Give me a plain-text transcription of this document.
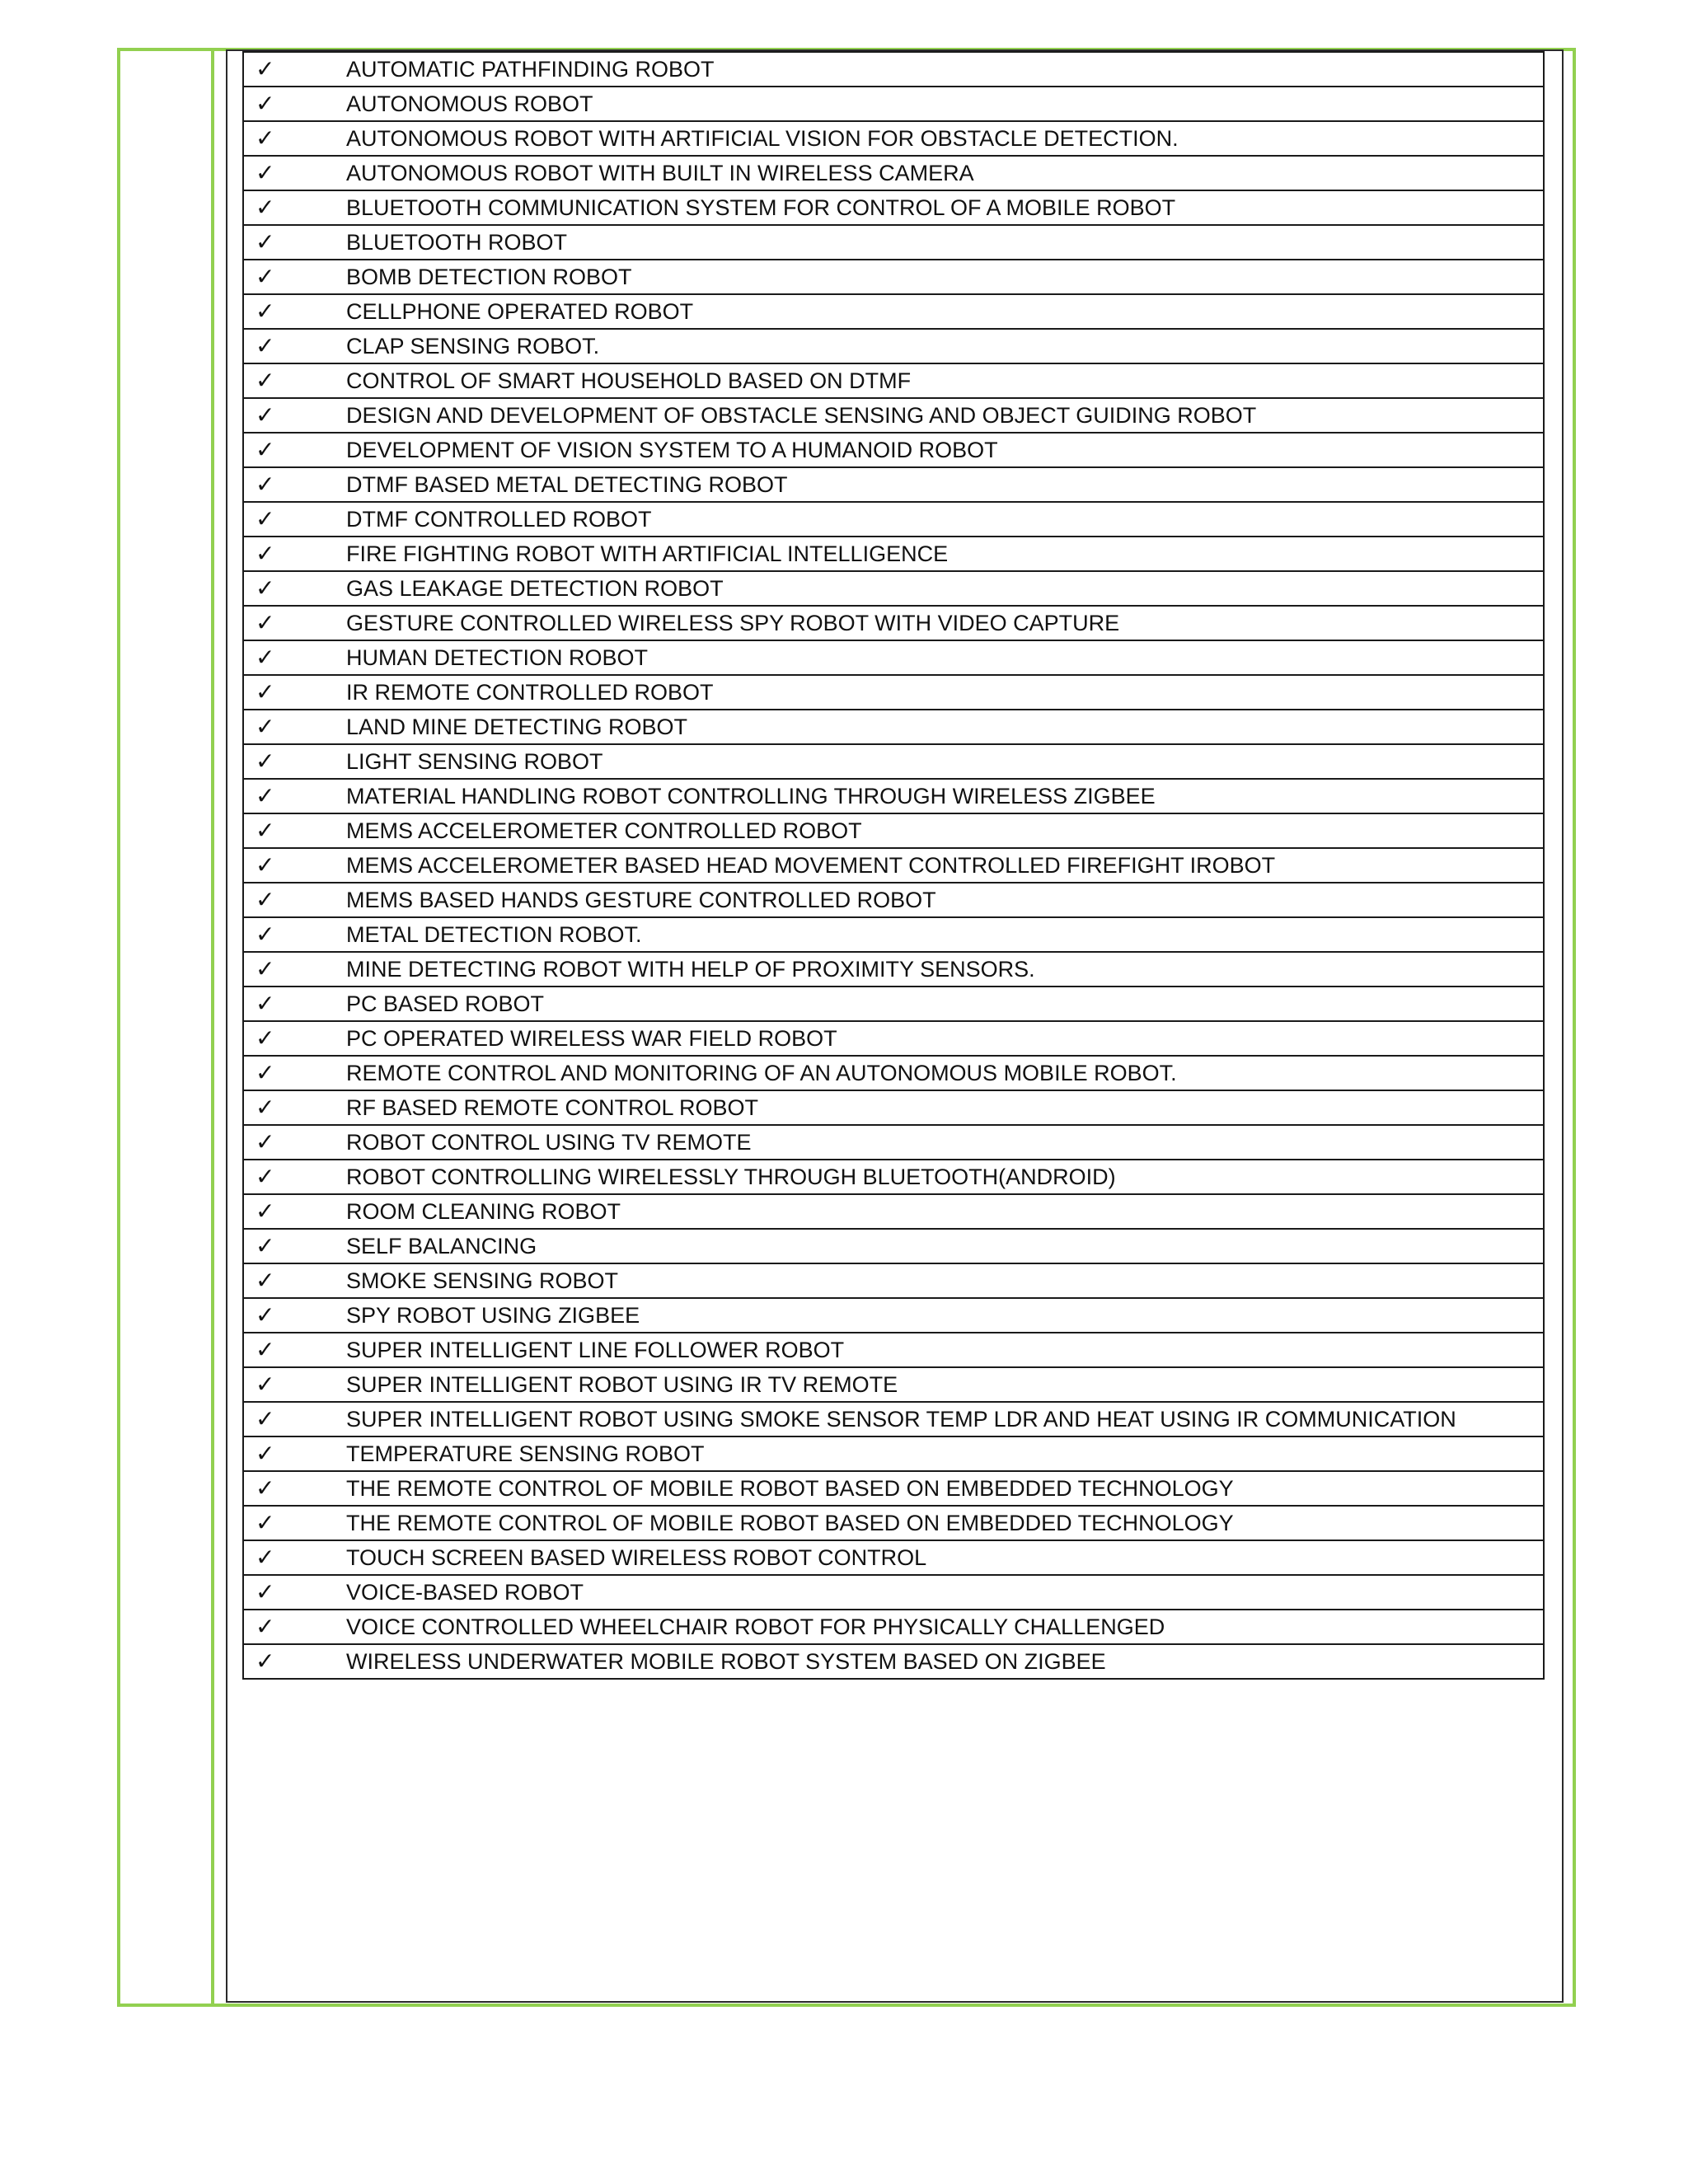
✓	AUTOMATIC PATHFINDING ROBOT
✓	AUTONOMOUS ROBOT
✓	AUTONOMOUS ROBOT WITH ARTIFICIAL VISION FOR OBSTACLE DETECTION.
✓	AUTONOMOUS ROBOT WITH BUILT IN WIRELESS CAMERA
✓	BLUETOOTH COMMUNICATION SYSTEM FOR CONTROL OF A MOBILE ROBOT
✓	BLUETOOTH ROBOT
✓	BOMB DETECTION ROBOT
✓	CELLPHONE OPERATED ROBOT
✓	CLAP SENSING ROBOT.
✓	CONTROL OF SMART HOUSEHOLD BASED ON DTMF
✓	DESIGN AND DEVELOPMENT OF OBSTACLE SENSING AND OBJECT GUIDING ROBOT
✓	DEVELOPMENT OF VISION SYSTEM TO A HUMANOID ROBOT
✓	DTMF BASED METAL DETECTING ROBOT
✓	DTMF CONTROLLED ROBOT
✓	FIRE FIGHTING ROBOT WITH ARTIFICIAL INTELLIGENCE
✓	GAS LEAKAGE DETECTION ROBOT
✓	GESTURE CONTROLLED WIRELESS SPY ROBOT WITH VIDEO CAPTURE
✓	HUMAN DETECTION ROBOT
✓	IR REMOTE CONTROLLED ROBOT
✓	LAND MINE DETECTING ROBOT
✓	LIGHT SENSING ROBOT
✓	MATERIAL HANDLING ROBOT CONTROLLING THROUGH WIRELESS ZIGBEE
✓	MEMS ACCELEROMETER CONTROLLED ROBOT
✓	MEMS ACCELEROMETER BASED HEAD MOVEMENT CONTROLLED FIREFIGHT IROBOT
✓	MEMS BASED HANDS GESTURE CONTROLLED ROBOT
✓	METAL DETECTION ROBOT.
✓	MINE DETECTING ROBOT WITH HELP OF PROXIMITY SENSORS.
✓	PC BASED ROBOT
✓	PC OPERATED WIRELESS WAR FIELD ROBOT
✓	REMOTE CONTROL AND MONITORING OF AN AUTONOMOUS MOBILE ROBOT.
✓	RF BASED REMOTE CONTROL ROBOT
✓	ROBOT CONTROL USING TV REMOTE
✓	ROBOT CONTROLLING WIRELESSLY THROUGH BLUETOOTH(ANDROID)
✓	ROOM CLEANING ROBOT
✓	SELF BALANCING
✓	SMOKE SENSING ROBOT
✓	SPY ROBOT USING ZIGBEE
✓	SUPER INTELLIGENT LINE FOLLOWER ROBOT
✓	SUPER INTELLIGENT ROBOT USING IR TV REMOTE
✓	SUPER INTELLIGENT ROBOT USING SMOKE SENSOR TEMP LDR AND HEAT USING IR COMMUNICATION
✓	TEMPERATURE SENSING ROBOT
✓	THE REMOTE CONTROL OF MOBILE ROBOT BASED ON EMBEDDED TECHNOLOGY
✓	THE REMOTE CONTROL OF MOBILE ROBOT BASED ON EMBEDDED TECHNOLOGY
✓	TOUCH SCREEN BASED WIRELESS ROBOT CONTROL
✓	VOICE-BASED ROBOT
✓	VOICE CONTROLLED WHEELCHAIR ROBOT FOR PHYSICALLY CHALLENGED
✓	WIRELESS UNDERWATER MOBILE ROBOT SYSTEM BASED ON ZIGBEE
